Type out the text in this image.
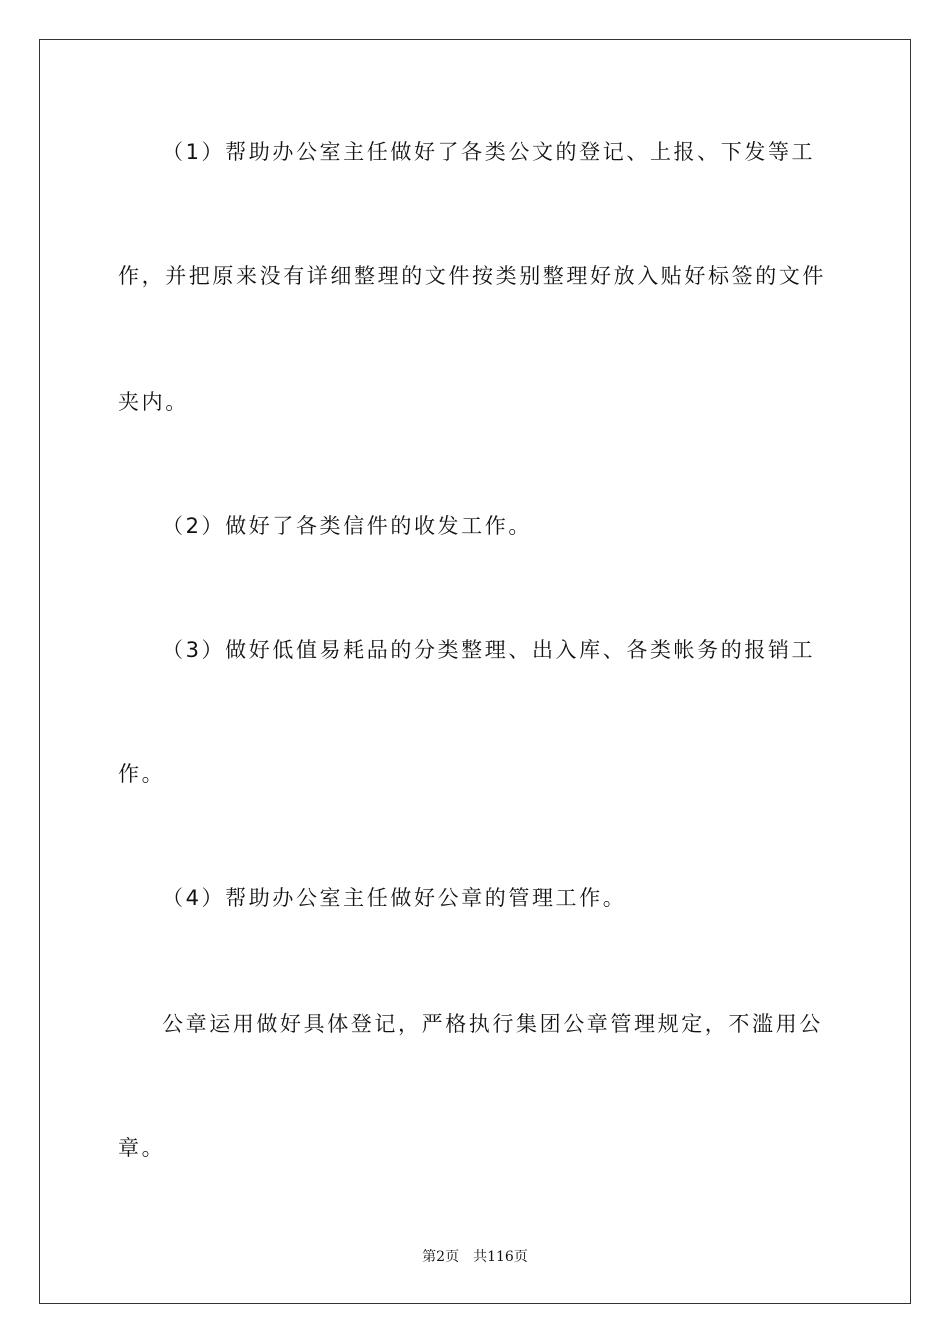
（1）帮助办公室主任做好了各类公文的登记、上报、下发等工
作，并把原来没有详细整理的文件按类别整理好放入贴好标签的文件
夹内。
（2）做好了各类信件的收发工作。
（3）做好低值易耗品的分类整理、出入库、各类帐务的报销工
作。
（4）帮助办公室主任做好公章的管理工作。
公章运用做好具体登记，严格执行集团公章管理规定，不滥用公
章。
第2页 共116页
